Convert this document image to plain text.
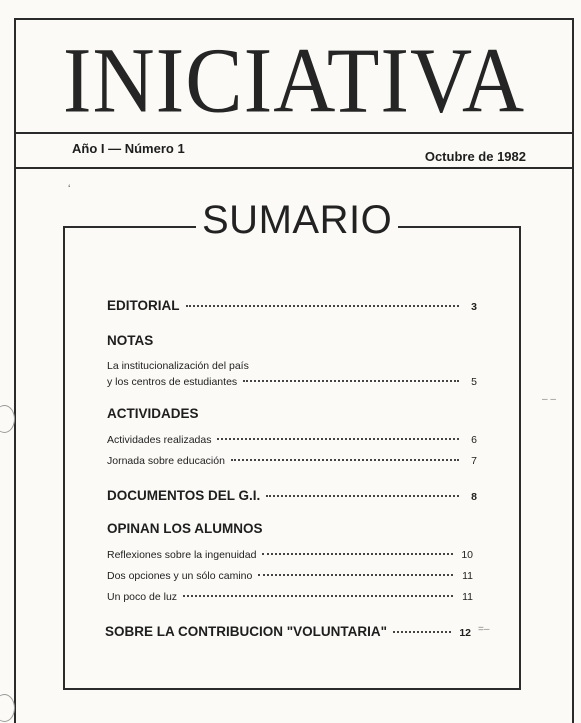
INICIATIVA
Año I — Número 1
Octubre de 1982
‘
SUMARIO
EDITORIAL	3
NOTAS
La institucionalización del país
y los centros de estudiantes	5
ACTIVIDADES
Actividades realizadas	6
Jornada sobre educación	7
DOCUMENTOS DEL G.I.	8
OPINAN LOS ALUMNOS
Reflexiones sobre la ingenuidad	10
Dos opciones y un sólo camino	11
Un poco de luz	11
SOBRE LA CONTRIBUCION "VOLUNTARIA"	12
– –
=–
